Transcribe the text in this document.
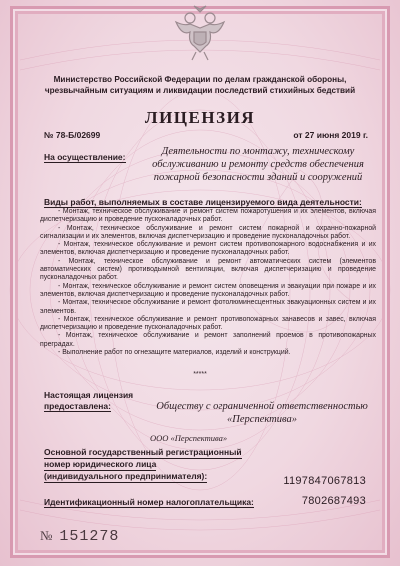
Министерство Российской Федерации по делам гражданской обороны, чрезвычайным ситуациям и ликвидации последствий стихийных бедствий
ЛИЦЕНЗИЯ
№ 78-Б/02699	от 27 июня 2019 г.
На осуществление:	Деятельности по монтажу, техническому обслуживанию и ремонту средств обеспечения пожарной безопасности зданий и сооружений
Виды работ, выполняемых в составе лицензируемого вида деятельности:
- Монтаж, техническое обслуживание и ремонт систем пожаротушения и их элементов, включая диспетчеризацию и проведение пусконаладочных работ.
- Монтаж, техническое обслуживание и ремонт систем пожарной и охранно-пожарной сигнализации и их элементов, включая диспетчеризацию и проведение пусконаладочных работ.
- Монтаж, техническое обслуживание и ремонт систем противопожарного водоснабжения и их элементов, включая диспетчеризацию и проведение пусконаладочных работ.
- Монтаж, техническое обслуживание и ремонт автоматических систем (элементов автоматических систем) противодымной вентиляции, включая диспетчеризацию и проведение пусконаладочных работ.
- Монтаж, техническое обслуживание и ремонт систем оповещения и эвакуации при пожаре и их элементов, включая диспетчеризацию и проведение пусконаладочных работ.
- Монтаж, техническое обслуживание и ремонт фотолюминесцентных эвакуационных систем и их элементов.
- Монтаж, техническое обслуживание и ремонт противопожарных занавесов и завес, включая диспетчеризацию и проведение пусконаладочных работ.
- Монтаж, техническое обслуживание и ремонт заполнений проемов в противопожарных преградах.
- Выполнение работ по огнезащите материалов, изделий и конструкций.
*****
Настоящая лицензия
предоставлена:	Обществу с ограниченной ответственностью «Перспектива»
ООО «Перспектива»
Основной государственный регистрационный
номер юридического лица
(индивидуального предпринимателя):	1197847067813
Идентификационный номер налогоплательщика:	7802687493
№ 151278
